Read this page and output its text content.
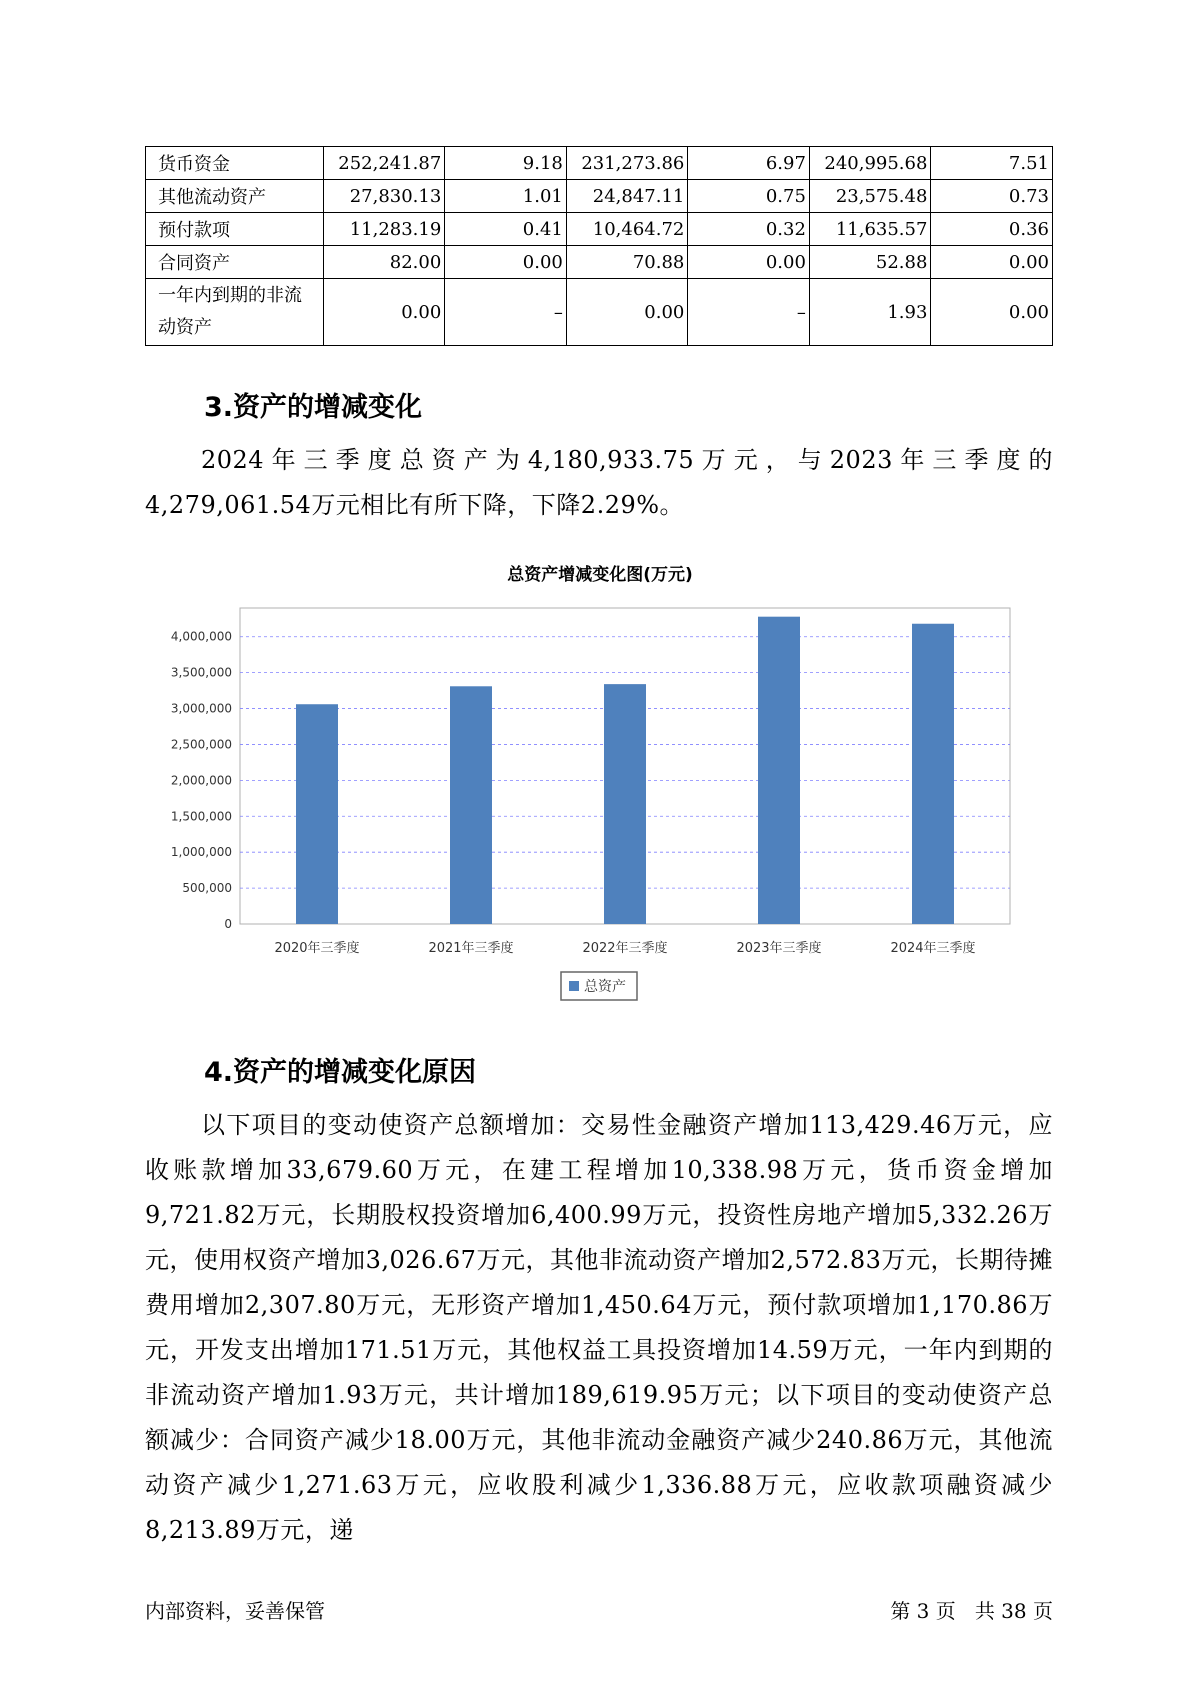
货币资金	252,241.87	9.18	231,273.86	6.97	240,995.68	7.51
其他流动资产	27,830.13	1.01	24,847.11	0.75	23,575.48	0.73
预付款项	11,283.19	0.41	10,464.72	0.32	11,635.57	0.36
合同资产	82.00	0.00	70.88	0.00	52.88	0.00

一年内到期的非流
动资产	0.00	–	0.00	–	1.93	0.00
3.资产的增减变化

2024年三季度总资产为4,180,933.75万元，与2023年三季度的4,279,061.54万元相比有所下降，下降2.29%。

总资产增减变化图(万元)
0
500,000
1,000,000
1,500,000
2,000,000
2,500,000
3,000,000
3,500,000
4,000,000
2020年三季度	2021年三季度	2022年三季度	2023年三季度	2024年三季度
总资产
4.资产的增减变化原因

以下项目的变动使资产总额增加：交易性金融资产增加113,429.46万元，应收账款增加33,679.60万元，在建工程增加10,338.98万元，货币资金增加9,721.82万元，长期股权投资增加6,400.99万元，投资性房地产增加5,332.26万元，使用权资产增加3,026.67万元，其他非流动资产增加2,572.83万元，长期待摊费用增加2,307.80万元，无形资产增加1,450.64万元，预付款项增加1,170.86万元，开发支出增加171.51万元，其他权益工具投资增加14.59万元，一年内到期的非流动资产增加1.93万元，共计增加189,619.95万元；以下项目的变动使资产总额减少：合同资产减少18.00万元，其他非流动金融资产减少240.86万元，其他流动资产减少1,271.63万元，应收股利减少1,336.88万元，应收款项融资减少8,213.89万元，递

内部资料，妥善保管	第 3 页   共 38 页
